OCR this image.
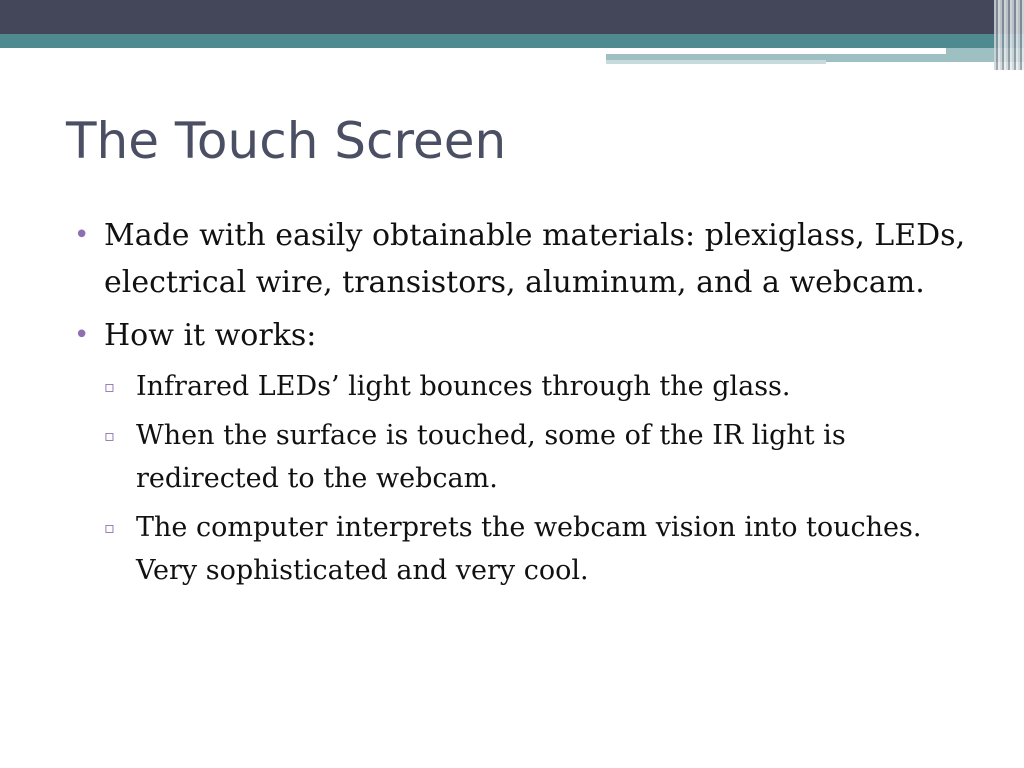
The Touch Screen
• Made with easily obtainable materials: plexiglass, LEDs, electrical wire, transistors, aluminum, and a webcam.
• How it works:
▫ Infrared LEDs’ light bounces through the glass.
▫ When the surface is touched, some of the IR light is redirected to the webcam.
▫ The computer interprets the webcam vision into touches. Very sophisticated and very cool.
